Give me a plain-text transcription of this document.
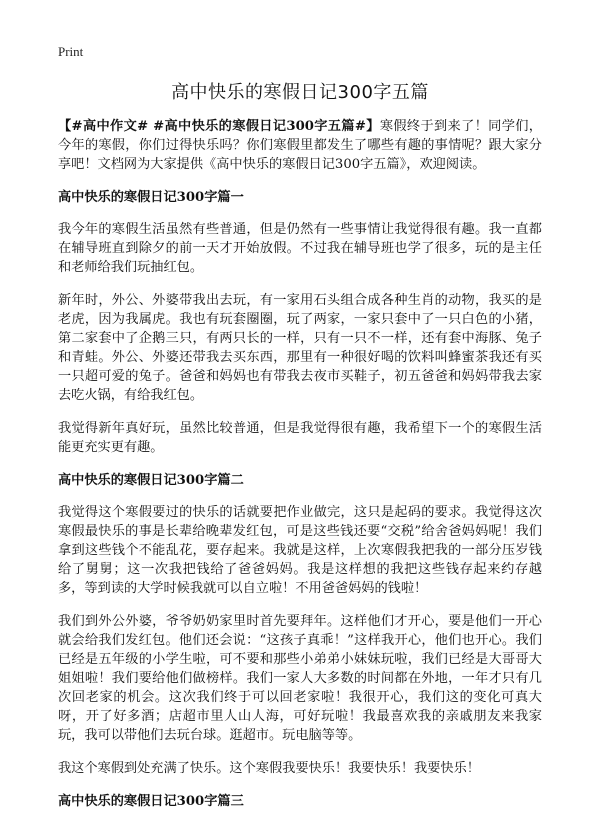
Print
高中快乐的寒假日记300字五篇

【#高中作文# #高中快乐的寒假日记300字五篇#】寒假终于到来了！同学们，今年的寒假，你们过得快乐吗？你们寒假里都发生了哪些有趣的事情呢？跟大家分享吧！文档网为大家提供《高中快乐的寒假日记300字五篇》，欢迎阅读。

高中快乐的寒假日记300字篇一

我今年的寒假生活虽然有些普通，但是仍然有一些事情让我觉得很有趣。我一直都在辅导班直到除夕的前一天才开始放假。不过我在辅导班也学了很多，玩的是主任和老师给我们玩抽红包。

新年时，外公、外婆带我出去玩，有一家用石头组合成各种生肖的动物，我买的是老虎，因为我属虎。我也有玩套圈圈，玩了两家，一家只套中了一只白色的小猪，第二家套中了企鹅三只，有两只长的一样，只有一只不一样，还有套中海豚、兔子和青蛙。外公、外婆还带我去买东西，那里有一种很好喝的饮料叫蜂蜜茶我还有买一只超可爱的兔子。爸爸和妈妈也有带我去夜市买鞋子，初五爸爸和妈妈带我去家去吃火锅，有给我红包。

我觉得新年真好玩，虽然比较普通，但是我觉得很有趣，我希望下一个的寒假生活能更充实更有趣。

高中快乐的寒假日记300字篇二

我觉得这个寒假要过的快乐的话就要把作业做完，这只是起码的要求。我觉得这次寒假最快乐的事是长辈给晚辈发红包，可是这些钱还要“交税”给舍爸妈妈呢！我们拿到这些钱个不能乱花，要存起来。我就是这样，上次寒假我把我的一部分压岁钱给了舅舅；这一次我把钱给了爸爸妈妈。我是这样想的我把这些钱存起来约存越多，等到读的大学时候我就可以自立啦！不用爸爸妈妈的钱啦！

我们到外公外婆，爷爷奶奶家里时首先要拜年。这样他们才开心，要是他们一开心就会给我们发红包。他们还会说：“这孩子真乖！”这样我开心，他们也开心。我们已经是五年级的小学生啦，可不要和那些小弟弟小妹妹玩啦，我们已经是大哥哥大姐姐啦！我们要给他们做榜样。我们一家人大多数的时间都在外地，一年才只有几次回老家的机会。这次我们终于可以回老家啦！我很开心，我们这的变化可真大呀，开了好多酒；店超市里人山人海，可好玩啦！我最喜欢我的亲戚朋友来我家玩，我可以带他们去玩台球。逛超市。玩电脑等等。

我这个寒假到处充满了快乐。这个寒假我要快乐！我要快乐！我要快乐！

高中快乐的寒假日记300字篇三
